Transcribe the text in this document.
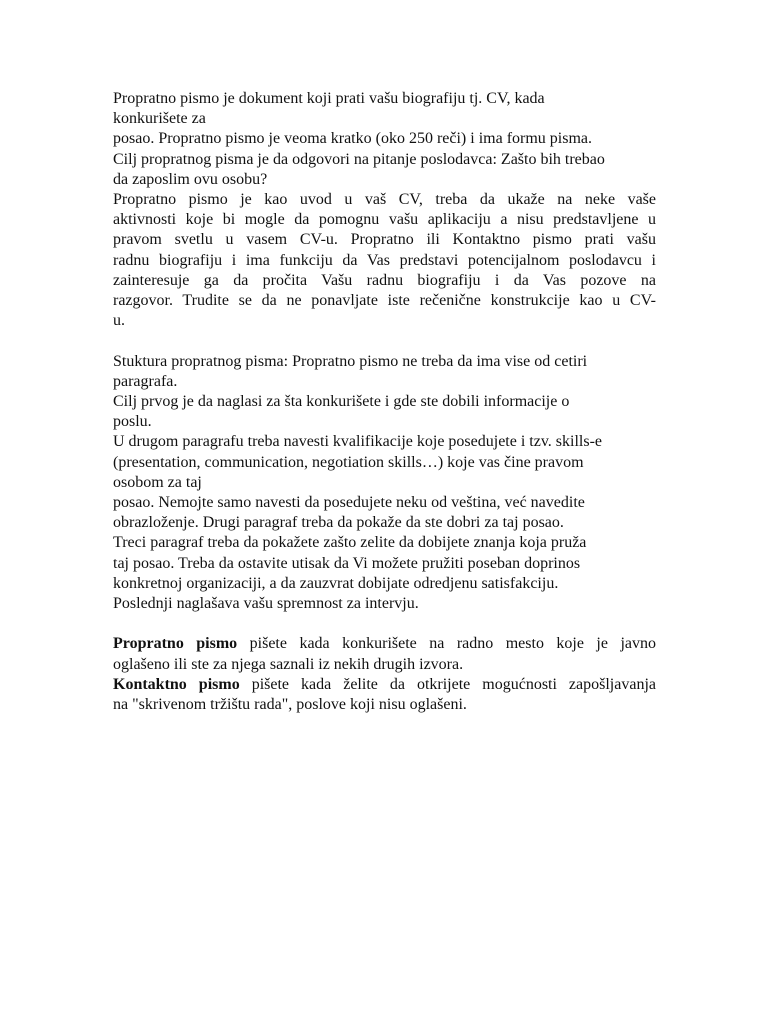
Propratno pismo je dokument koji prati vašu biografiju tj. CV, kada

konkurišete za

posao. Propratno pismo je veoma kratko (oko 250 reči) i ima formu pisma.

Cilj propratnog pisma je da odgovori na pitanje poslodavca: Zašto bih trebao

da zaposlim ovu osobu?

Propratno pismo je kao uvod u vaš CV, treba da ukaže na neke vaše

aktivnosti koje bi mogle da pomognu vašu aplikaciju a nisu predstavljene u

pravom svetlu u vasem CV-u. Propratno ili Kontaktno pismo prati vašu

radnu biografiju i ima funkciju da Vas predstavi potencijalnom poslodavcu i

zainteresuje ga da pročita Vašu radnu biografiju i da Vas pozove na

razgovor. Trudite se da ne ponavljate iste rečenične konstrukcije kao u CV-

u.

Stuktura propratnog pisma: Propratno pismo ne treba da ima vise od cetiri

paragrafa.

Cilj prvog je da naglasi za šta konkurišete i gde ste dobili informacije o

poslu.

U drugom paragrafu treba navesti kvalifikacije koje posedujete i tzv. skills-e

(presentation, communication, negotiation skills…) koje vas čine pravom

osobom za taj

posao. Nemojte samo navesti da posedujete neku od veština, već navedite

obrazloženje. Drugi paragraf treba da pokaže da ste dobri za taj posao.

Treci paragraf treba da pokažete zašto zelite da dobijete znanja koja pruža

taj posao. Treba da ostavite utisak da Vi možete pružiti poseban doprinos

konkretnoj organizaciji, a da zauzvrat dobijate odredjenu satisfakciju.

Poslednji naglašava vašu spremnost za intervju.

Propratno pismo pišete kada konkurišete na radno mesto koje je javno

oglašeno ili ste za njega saznali iz nekih drugih izvora.

Kontaktno pismo pišete kada želite da otkrijete mogućnosti zapošljavanja

na "skrivenom tržištu rada", poslove koji nisu oglašeni.
